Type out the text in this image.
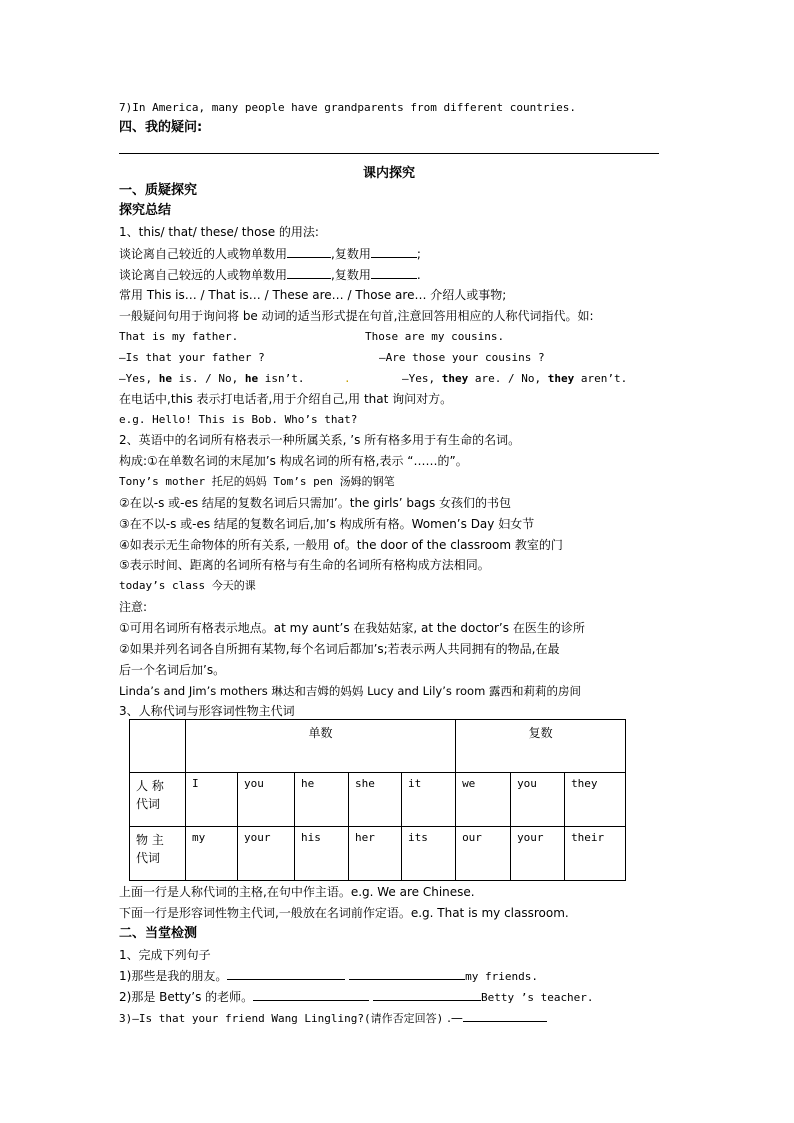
7)In America, many people have grandparents from different countries.
四、我的疑问:
课内探究
一、质疑探究
探究总结
1、this/ that/ these/ those 的用法:
谈论离自己较近的人或物单数用	,复数用	;
谈论离自己较远的人或物单数用	,复数用	.
常用 This is… / That is… / These are… / Those are… 介绍人或事物;
一般疑问句用于询问将 be 动词的适当形式提在句首,注意回答用相应的人称代词指代。如:
That is my father.	Those are my cousins.
—Is that your father ?	—Are those your cousins ?
—Yes, he is. / No, he isn’t.	.	—Yes, they are. / No, they aren’t.
在电话中,this 表示打电话者,用于介绍自己,用 that 询问对方。
e.g. Hello! This is Bob. Who’s that?
2、英语中的名词所有格表示一种所属关系, ’s 所有格多用于有生命的名词。
构成:①在单数名词的末尾加’s 构成名词的所有格,表示 “……的”。
Tony’s mother 托尼的妈妈 Tom’s pen 汤姆的钢笔
②在以-s 或-es 结尾的复数名词后只需加’。the girls’ bags 女孩们的书包
③在不以-s 或-es 结尾的复数名词后,加’s 构成所有格。Women’s Day 妇女节
④如表示无生命物体的所有关系, 一般用 of。the door of the classroom 教室的门
⑤表示时间、距离的名词所有格与有生命的名词所有格构成方法相同。
today’s class 今天的课
注意:
①可用名词所有格表示地点。at my aunt’s 在我姑姑家, at the doctor’s 在医生的诊所
②如果并列名词各自所拥有某物,每个名词后都加’s;若表示两人共同拥有的物品,在最
后一个名词后加’s。
Linda’s and Jim’s mothers 琳达和吉姆的妈妈 Lucy and Lily’s room 露西和莉莉的房间
3、人称代词与形容词性物主代词
	单数					复数		

人 称
代词	I	you	he	she	it	we	you	they

物 主
代词	my	your	his	her	its	our	your	their
上面一行是人称代词的主格,在句中作主语。e.g. We are Chinese.
下面一行是形容词性物主代词,一般放在名词前作定语。e.g. That is my classroom.
二、当堂检测
1、完成下列句子
1)那些是我的朋友。	my friends.
2)那是 Betty’s 的老师。	Betty ’s teacher.
3)—Is that your friend Wang Lingling?(请作否定回答) .—
